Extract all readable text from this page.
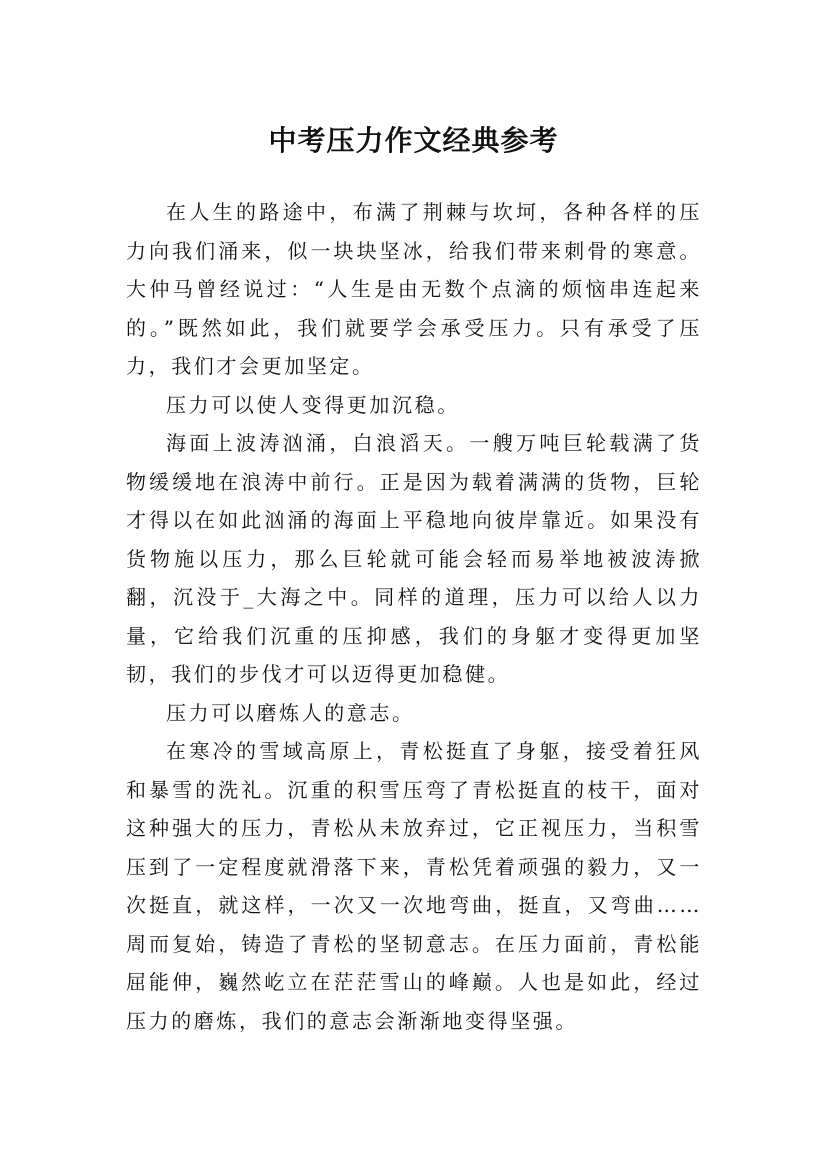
中考压力作文经典参考

在人生的路途中，布满了荆棘与坎坷，各种各样的压力向我们涌来，似一块块坚冰，给我们带来刺骨的寒意。大仲马曾经说过：“人生是由无数个点滴的烦恼串连起来的。”既然如此，我们就要学会承受压力。只有承受了压力，我们才会更加坚定。

压力可以使人变得更加沉稳。

海面上波涛汹涌，白浪滔天。一艘万吨巨轮载满了货物缓缓地在浪涛中前行。正是因为载着满满的货物，巨轮才得以在如此汹涌的海面上平稳地向彼岸靠近。如果没有货物施以压力，那么巨轮就可能会轻而易举地被波涛掀翻，沉没于_大海之中。同样的道理，压力可以给人以力量，它给我们沉重的压抑感，我们的身躯才变得更加坚韧，我们的步伐才可以迈得更加稳健。

压力可以磨炼人的意志。

在寒冷的雪域高原上，青松挺直了身躯，接受着狂风和暴雪的洗礼。沉重的积雪压弯了青松挺直的枝干，面对这种强大的压力，青松从未放弃过，它正视压力，当积雪压到了一定程度就滑落下来，青松凭着顽强的毅力，又一次挺直，就这样，一次又一次地弯曲，挺直，又弯曲……周而复始，铸造了青松的坚韧意志。在压力面前，青松能屈能伸，巍然屹立在茫茫雪山的峰巅。人也是如此，经过压力的磨炼，我们的意志会渐渐地变得坚强。
